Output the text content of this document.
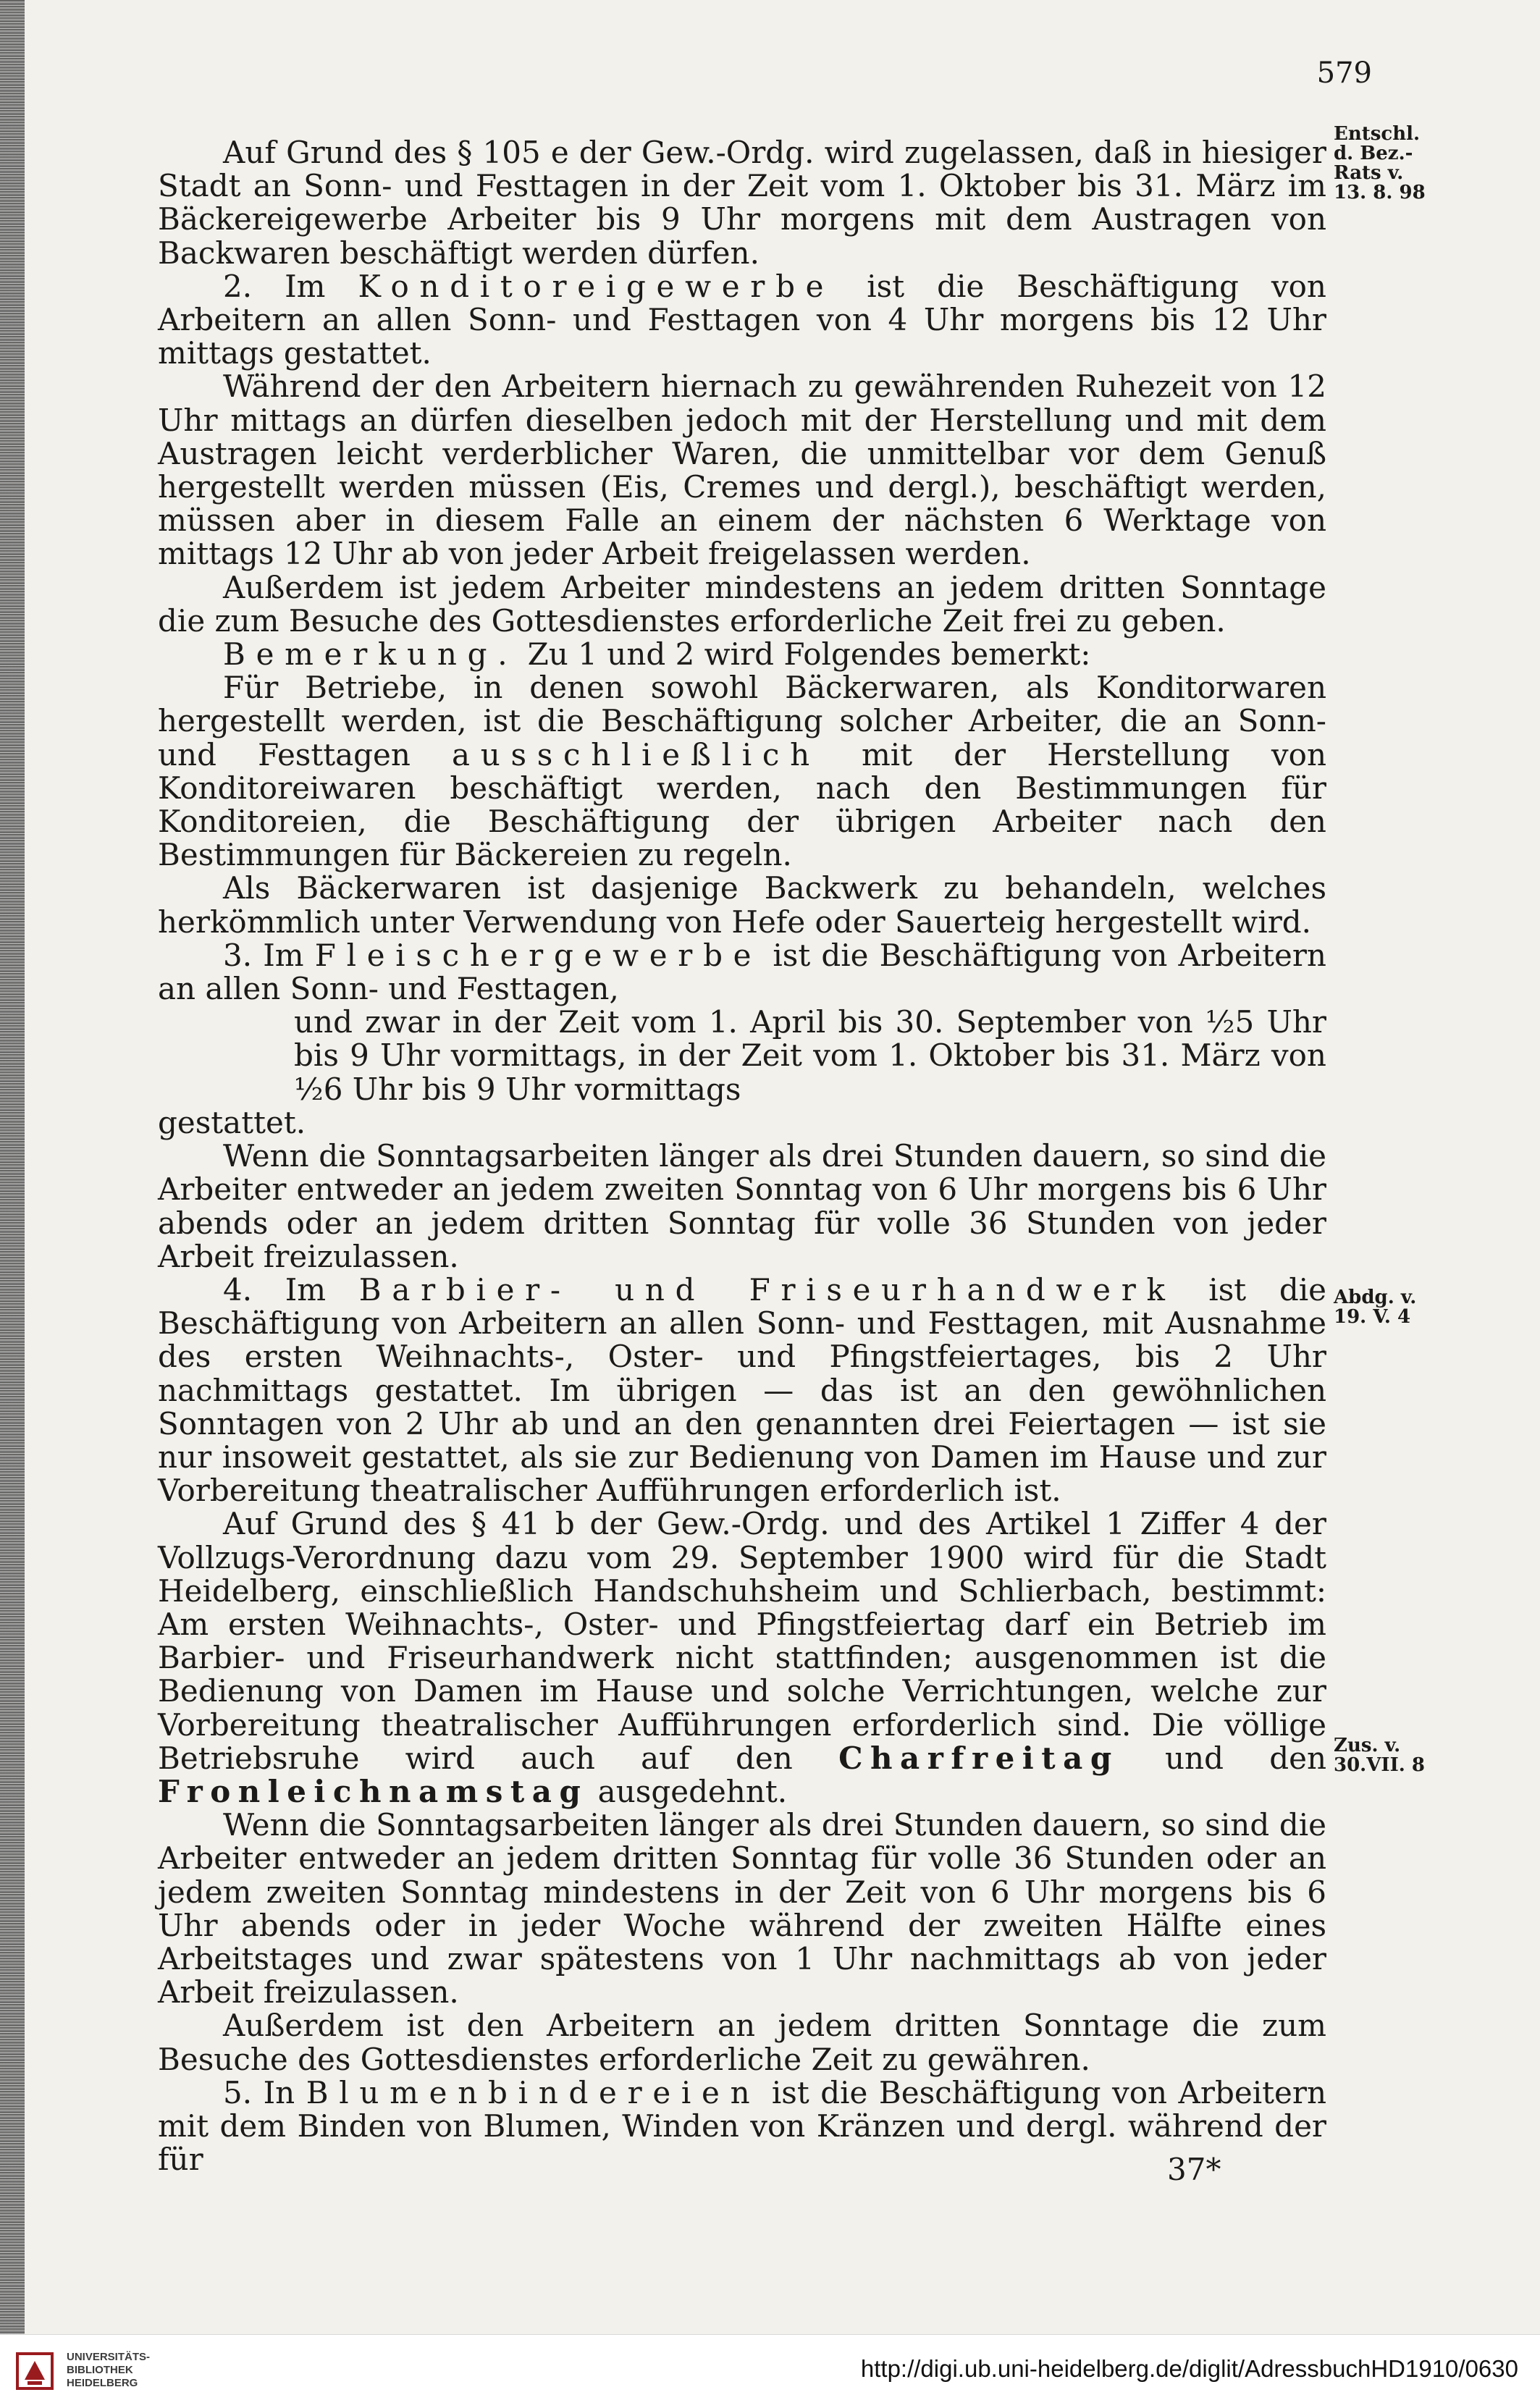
579

Auf Grund des § 105 e der Gew.-Ordg. wird zugelassen, daß in hiesiger Stadt an Sonn- und Festtagen in der Zeit vom 1. Oktober bis 31. März im Bäckereigewerbe Arbeiter bis 9 Uhr morgens mit dem Austragen von Backwaren beschäftigt werden dürfen.

2. Im Konditoreigewerbe ist die Beschäftigung von Arbeitern an allen Sonn- und Festtagen von 4 Uhr morgens bis 12 Uhr mittags gestattet.

Während der den Arbeitern hiernach zu gewährenden Ruhezeit von 12 Uhr mittags an dürfen dieselben jedoch mit der Herstellung und mit dem Austragen leicht verderblicher Waren, die unmittelbar vor dem Genuß hergestellt werden müssen (Eis, Cremes und dergl.), beschäftigt werden, müssen aber in diesem Falle an einem der nächsten 6 Werktage von mittags 12 Uhr ab von jeder Arbeit freigelassen werden.

Außerdem ist jedem Arbeiter mindestens an jedem dritten Sonntage die zum Besuche des Gottesdienstes erforderliche Zeit frei zu geben.

Bemerkung. Zu 1 und 2 wird Folgendes bemerkt:

Für Betriebe, in denen sowohl Bäckerwaren, als Konditorwaren hergestellt werden, ist die Beschäftigung solcher Arbeiter, die an Sonn- und Festtagen ausschließlich mit der Herstellung von Konditoreiwaren beschäftigt werden, nach den Bestimmungen für Konditoreien, die Beschäftigung der übrigen Arbeiter nach den Bestimmungen für Bäckereien zu regeln.

Als Bäckerwaren ist dasjenige Backwerk zu behandeln, welches herkömmlich unter Verwendung von Hefe oder Sauerteig hergestellt wird.

3. Im Fleischergewerbe ist die Beschäftigung von Arbeitern an allen Sonn- und Festtagen,

und zwar in der Zeit vom 1. April bis 30. September von ½5 Uhr bis 9 Uhr vormittags, in der Zeit vom 1. Oktober bis 31. März von ½6 Uhr bis 9 Uhr vormittags

gestattet.

Wenn die Sonntagsarbeiten länger als drei Stunden dauern, so sind die Arbeiter entweder an jedem zweiten Sonntag von 6 Uhr morgens bis 6 Uhr abends oder an jedem dritten Sonntag für volle 36 Stunden von jeder Arbeit freizulassen.

4. Im Barbier- und Friseurhandwerk ist die Beschäftigung von Arbeitern an allen Sonn- und Festtagen, mit Ausnahme des ersten Weihnachts-, Oster- und Pfingstfeiertages, bis 2 Uhr nachmittags gestattet. Im übrigen — das ist an den gewöhnlichen Sonntagen von 2 Uhr ab und an den genannten drei Feiertagen — ist sie nur insoweit gestattet, als sie zur Bedienung von Damen im Hause und zur Vorbereitung theatralischer Aufführungen erforderlich ist.

Auf Grund des § 41 b der Gew.-Ordg. und des Artikel 1 Ziffer 4 der Vollzugs-Verordnung dazu vom 29. September 1900 wird für die Stadt Heidelberg, einschließlich Handschuhsheim und Schlierbach, bestimmt: Am ersten Weihnachts-, Oster- und Pfingstfeiertag darf ein Betrieb im Barbier- und Friseurhandwerk nicht stattfinden; ausgenommen ist die Bedienung von Damen im Hause und solche Verrichtungen, welche zur Vorbereitung theatralischer Aufführungen erforderlich sind. Die völlige Betriebsruhe wird auch auf den Charfreitag und den Fronleichnamstag ausgedehnt.

Wenn die Sonntagsarbeiten länger als drei Stunden dauern, so sind die Arbeiter entweder an jedem dritten Sonntag für volle 36 Stunden oder an jedem zweiten Sonntag mindestens in der Zeit von 6 Uhr morgens bis 6 Uhr abends oder in jeder Woche während der zweiten Hälfte eines Arbeitstages und zwar spätestens von 1 Uhr nachmittags ab von jeder Arbeit freizulassen.

Außerdem ist den Arbeitern an jedem dritten Sonntage die zum Besuche des Gottesdienstes erforderliche Zeit zu gewähren.

5. In Blumenbindereien ist die Beschäftigung von Arbeitern mit dem Binden von Blumen, Winden von Kränzen und dergl. während der für

Entschl.
d. Bez.-
Rats v.
13. 8. 98
Abdg. v.
19. V. 4
Zus. v.
30.VII. 8
37*
UNIVERSITÄTS-
BIBLIOTHEK
HEIDELBERG
http://digi.ub.uni-heidelberg.de/diglit/AdressbuchHD1910/0630
